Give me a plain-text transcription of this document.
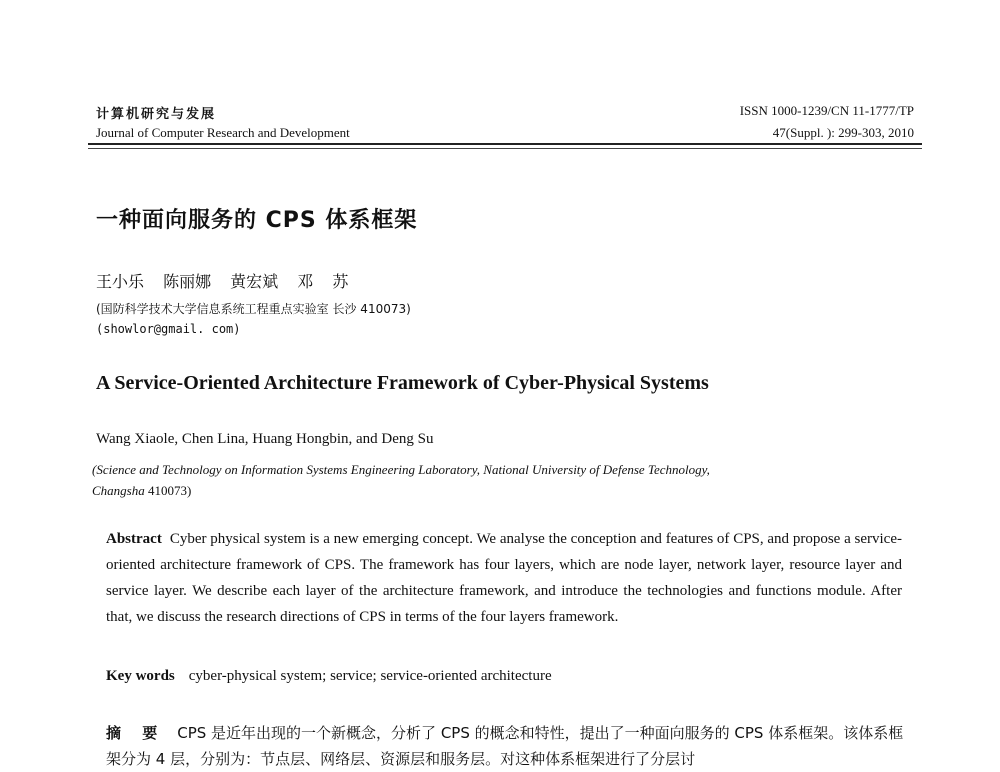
计算机研究与发展
Journal of Computer Research and Development
ISSN 1000-1239/CN 11-1777/TP
47(Suppl. ): 299-303, 2010
一种面向服务的 CPS 体系框架
王小乐 陈丽娜 黄宏斌 邓 苏
(国防科学技术大学信息系统工程重点实验室 长沙 410073)
(showlor@gmail. com)
A Service-Oriented Architecture Framework of Cyber-Physical Systems
Wang Xiaole, Chen Lina, Huang Hongbin, and Deng Su
(Science and Technology on Information Systems Engineering Laboratory, National University of Defense Technology,
Changsha 410073)
Abstract Cyber physical system is a new emerging concept. We analyse the conception and features of CPS, and propose a service-oriented architecture framework of CPS. The framework has four layers, which are node layer, network layer, resource layer and service layer. We describe each layer of the architecture framework, and introduce the technologies and functions module. After that, we discuss the research directions of CPS in terms of the four layers framework.
Key words cyber-physical system; service; service-oriented architecture
摘 要 CPS 是近年出现的一个新概念，分析了 CPS 的概念和特性，提出了一种面向服务的 CPS 体系框架。该体系框架分为 4 层，分别为：节点层、网络层、资源层和服务层。对这种体系框架进行了分层讨
